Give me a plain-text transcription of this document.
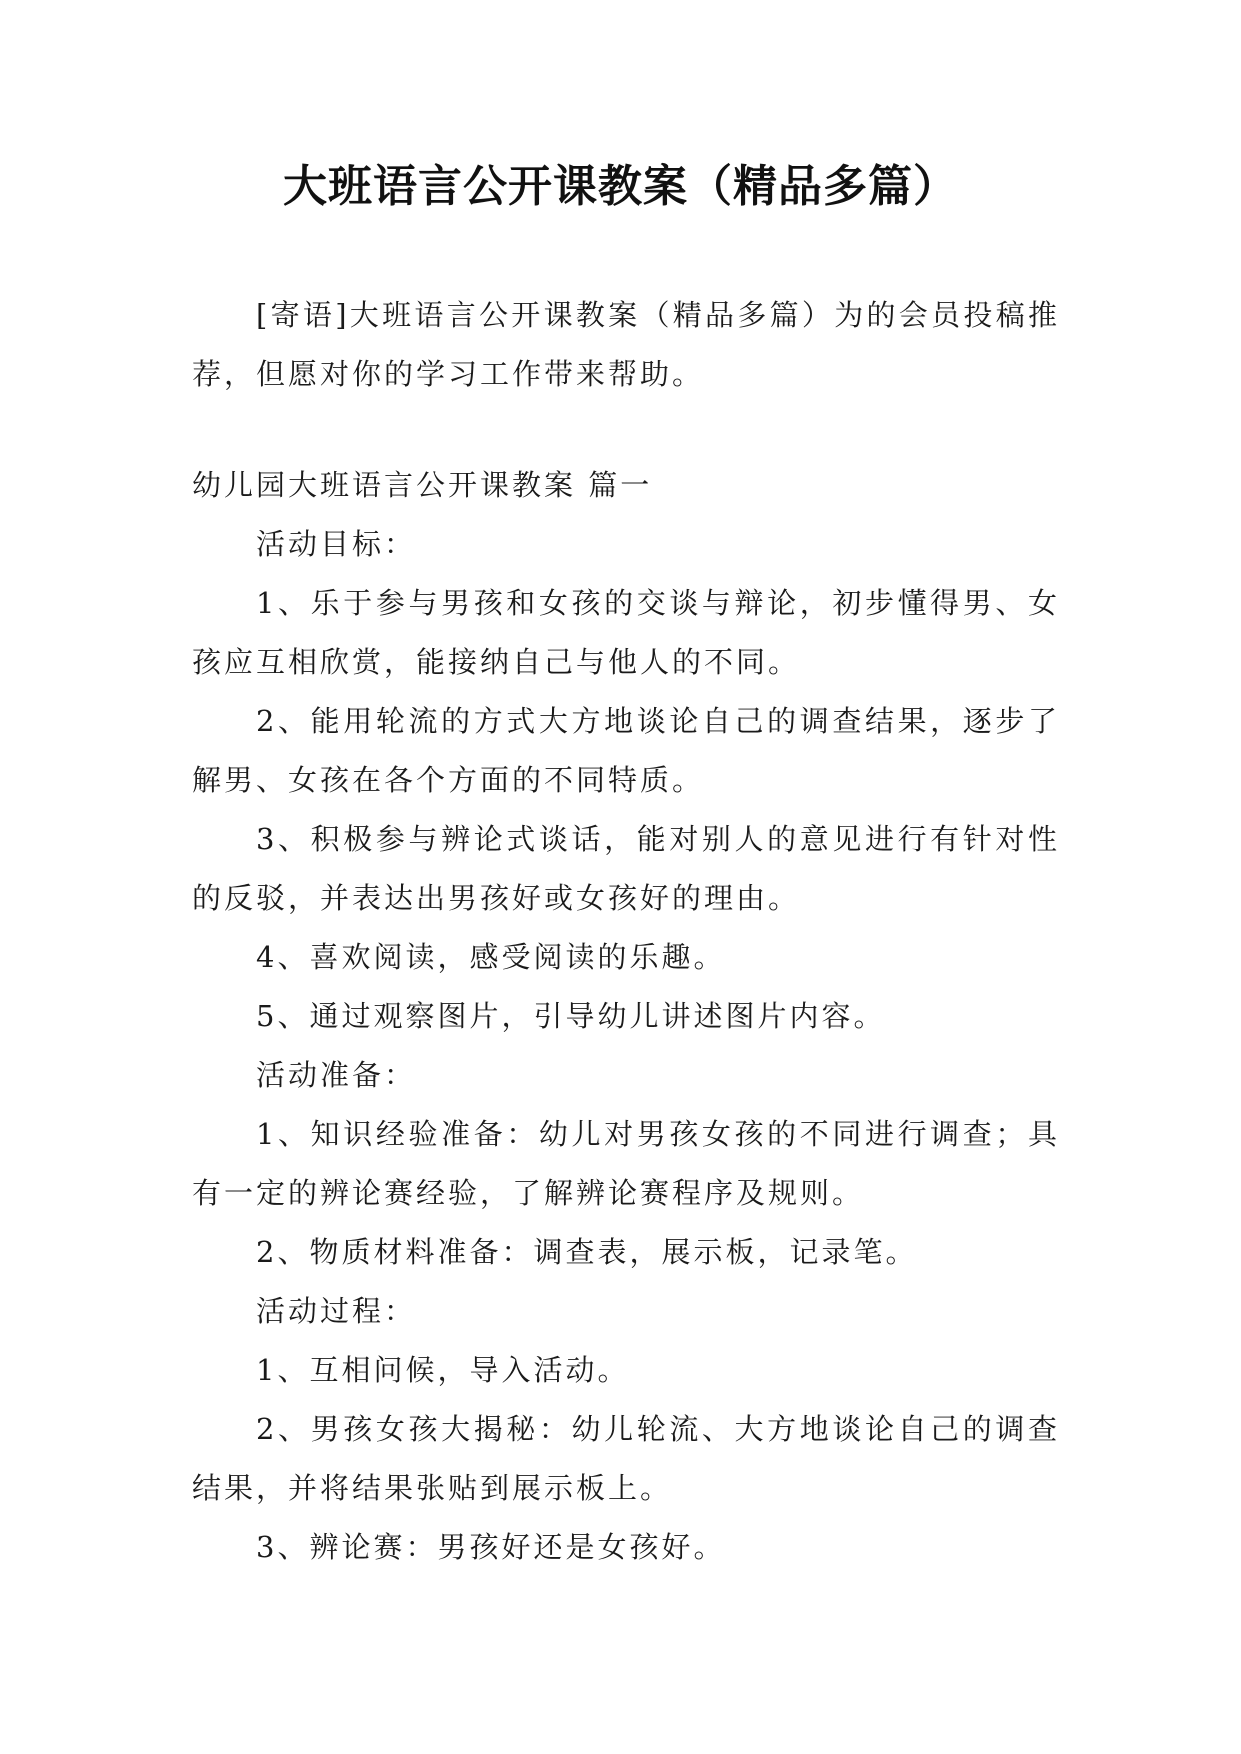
大班语言公开课教案（精品多篇）

[寄语]大班语言公开课教案（精品多篇）为的会员投稿推荐，但愿对你的学习工作带来帮助。

幼儿园大班语言公开课教案 篇一

活动目标：

1、乐于参与男孩和女孩的交谈与辩论，初步懂得男、女孩应互相欣赏，能接纳自己与他人的不同。

2、能用轮流的方式大方地谈论自己的调查结果，逐步了解男、女孩在各个方面的不同特质。

3、积极参与辨论式谈话，能对别人的意见进行有针对性的反驳，并表达出男孩好或女孩好的理由。

4、喜欢阅读，感受阅读的乐趣。

5、通过观察图片，引导幼儿讲述图片内容。

活动准备：

1、知识经验准备：幼儿对男孩女孩的不同进行调查；具有一定的辨论赛经验，了解辨论赛程序及规则。

2、物质材料准备：调查表，展示板，记录笔。

活动过程：

1、互相问候，导入活动。

2、男孩女孩大揭秘：幼儿轮流、大方地谈论自己的调查结果，并将结果张贴到展示板上。

3、辨论赛：男孩好还是女孩好。
